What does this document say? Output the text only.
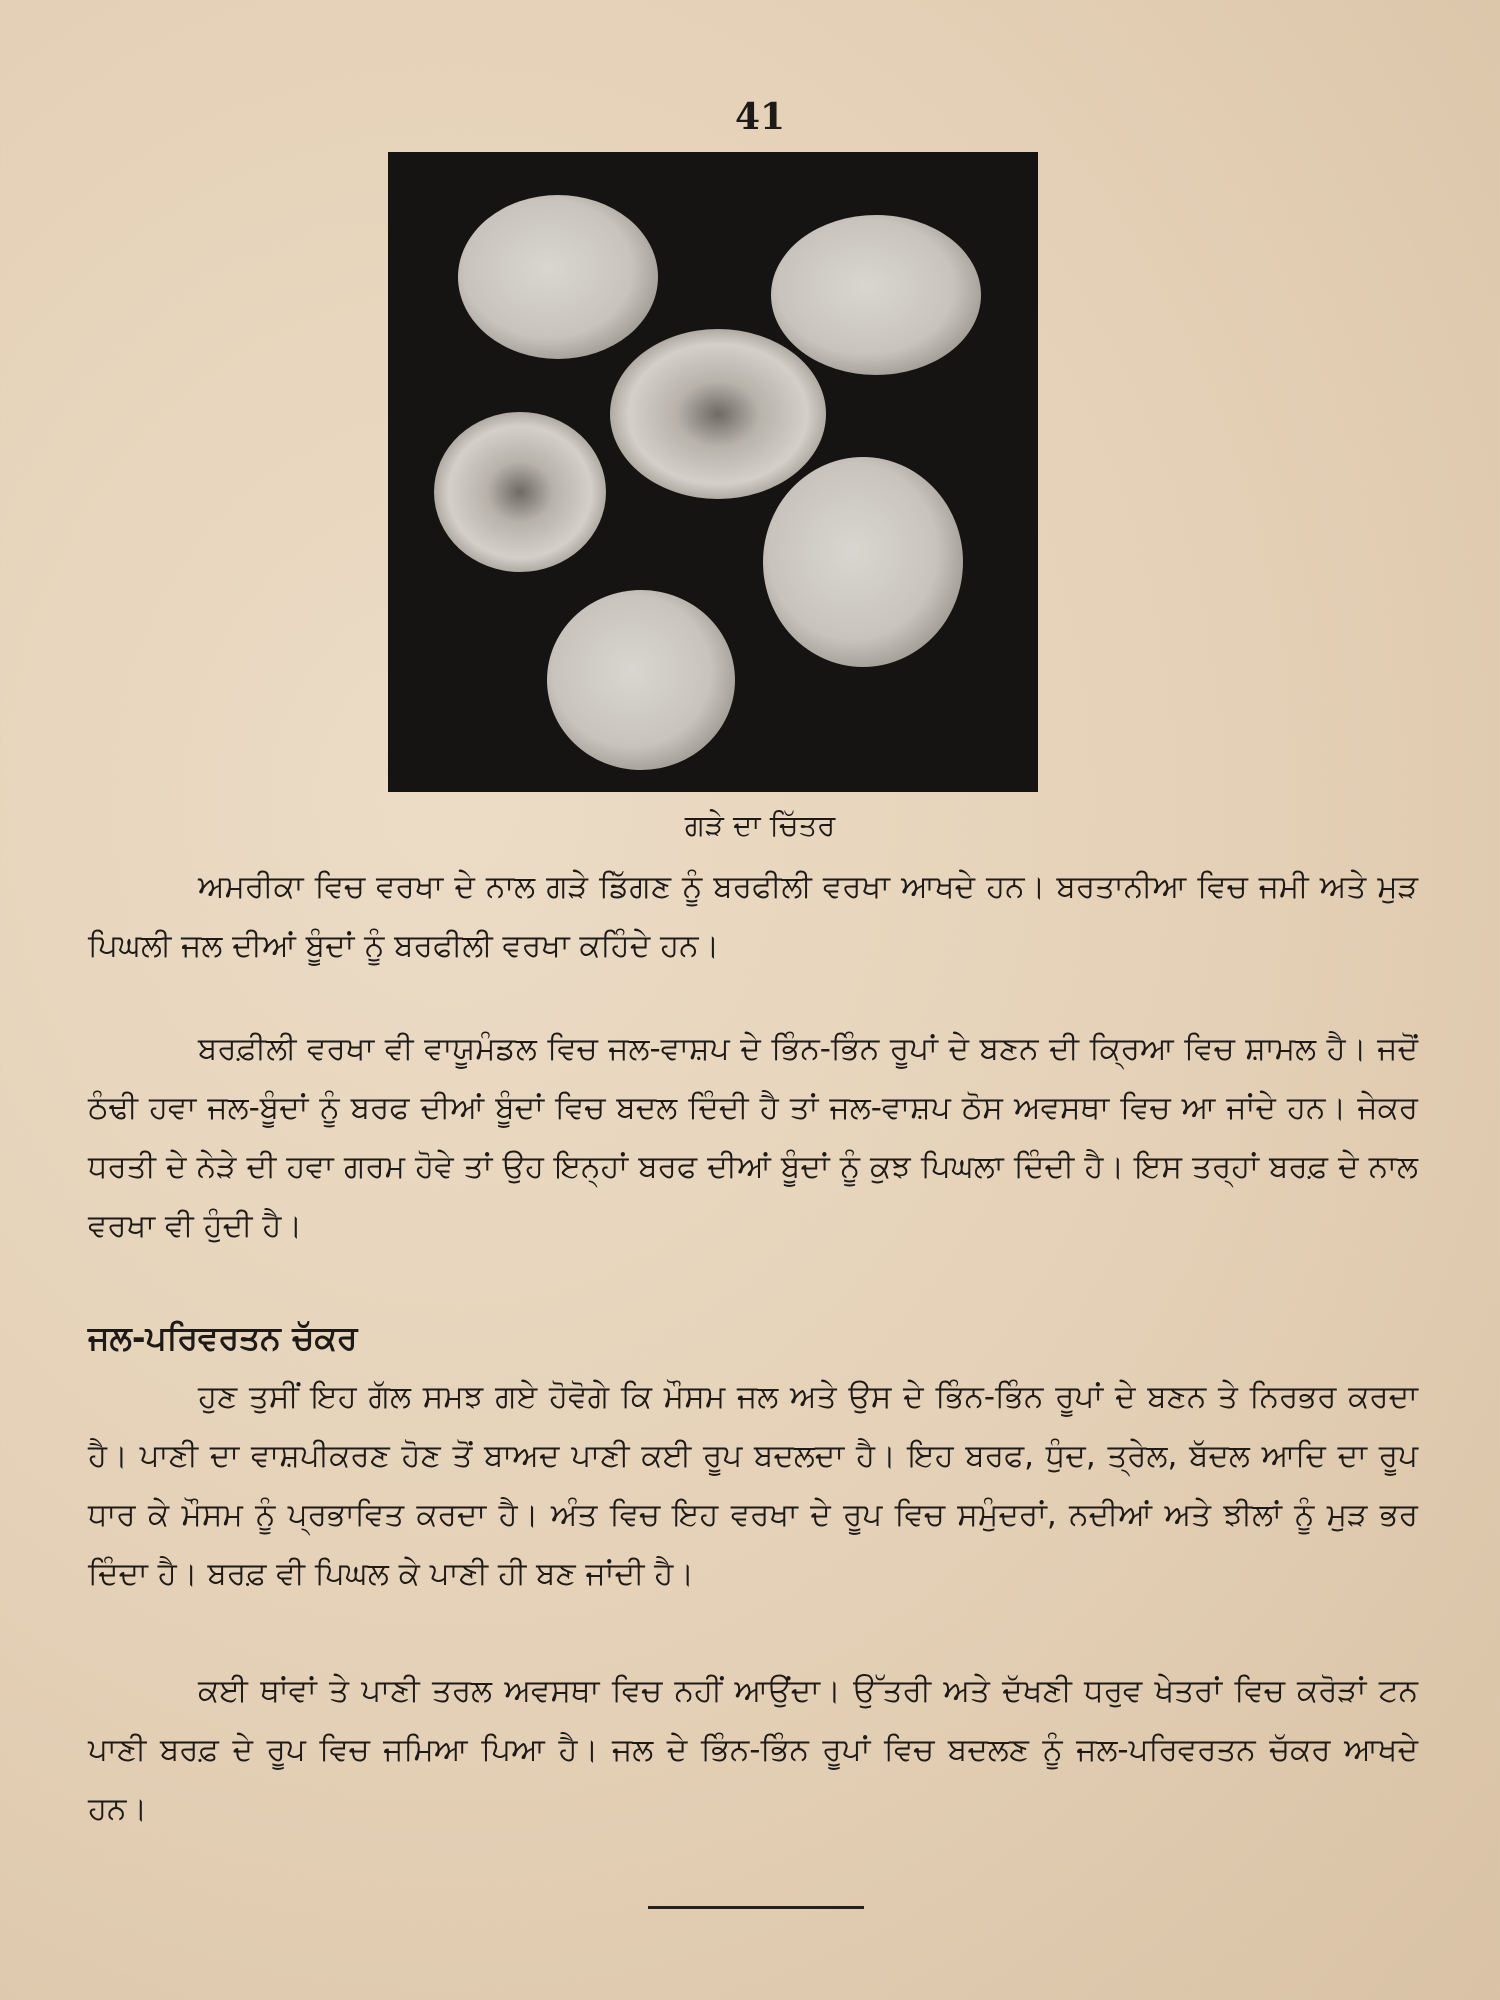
41
ਗੜੇ ਦਾ ਚਿੱਤਰ

ਅਮਰੀਕਾ ਵਿਚ ਵਰਖਾ ਦੇ ਨਾਲ ਗੜੇ ਡਿੱਗਣ ਨੂੰ ਬਰਫੀਲੀ ਵਰਖਾ ਆਖਦੇ ਹਨ। ਬਰਤਾਨੀਆ ਵਿਚ ਜਮੀ ਅਤੇ ਮੁੜ ਪਿਘਲੀ ਜਲ ਦੀਆਂ ਬੂੰਦਾਂ ਨੂੰ ਬਰਫੀਲੀ ਵਰਖਾ ਕਹਿੰਦੇ ਹਨ।

ਬਰਫ਼ੀਲੀ ਵਰਖਾ ਵੀ ਵਾਯੂਮੰਡਲ ਵਿਚ ਜਲ-ਵਾਸ਼ਪ ਦੇ ਭਿੰਨ-ਭਿੰਨ ਰੂਪਾਂ ਦੇ ਬਣਨ ਦੀ ਕ੍ਰਿਆ ਵਿਚ ਸ਼ਾਮਲ ਹੈ। ਜਦੋਂ ਠੰਢੀ ਹਵਾ ਜਲ-ਬੂੰਦਾਂ ਨੂੰ ਬਰਫ ਦੀਆਂ ਬੂੰਦਾਂ ਵਿਚ ਬਦਲ ਦਿੰਦੀ ਹੈ ਤਾਂ ਜਲ-ਵਾਸ਼ਪ ਠੋਸ ਅਵਸਥਾ ਵਿਚ ਆ ਜਾਂਦੇ ਹਨ। ਜੇਕਰ ਧਰਤੀ ਦੇ ਨੇੜੇ ਦੀ ਹਵਾ ਗਰਮ ਹੋਵੇ ਤਾਂ ਉਹ ਇਨ੍ਹਾਂ ਬਰਫ ਦੀਆਂ ਬੂੰਦਾਂ ਨੂੰ ਕੁਝ ਪਿਘਲਾ ਦਿੰਦੀ ਹੈ। ਇਸ ਤਰ੍ਹਾਂ ਬਰਫ਼ ਦੇ ਨਾਲ ਵਰਖਾ ਵੀ ਹੁੰਦੀ ਹੈ।

ਜਲ-ਪਰਿਵਰਤਨ ਚੱਕਰ

ਹੁਣ ਤੁਸੀਂ ਇਹ ਗੱਲ ਸਮਝ ਗਏ ਹੋਵੋਗੇ ਕਿ ਮੌਸਮ ਜਲ ਅਤੇ ਉਸ ਦੇ ਭਿੰਨ-ਭਿੰਨ ਰੂਪਾਂ ਦੇ ਬਣਨ ਤੇ ਨਿਰਭਰ ਕਰਦਾ ਹੈ। ਪਾਣੀ ਦਾ ਵਾਸ਼ਪੀਕਰਣ ਹੋਣ ਤੋਂ ਬਾਅਦ ਪਾਣੀ ਕਈ ਰੂਪ ਬਦਲਦਾ ਹੈ। ਇਹ ਬਰਫ, ਧੁੰਦ, ਤ੍ਰੇਲ, ਬੱਦਲ ਆਦਿ ਦਾ ਰੂਪ ਧਾਰ ਕੇ ਮੌਸਮ ਨੂੰ ਪ੍ਰਭਾਵਿਤ ਕਰਦਾ ਹੈ। ਅੰਤ ਵਿਚ ਇਹ ਵਰਖਾ ਦੇ ਰੂਪ ਵਿਚ ਸਮੁੰਦਰਾਂ, ਨਦੀਆਂ ਅਤੇ ਝੀਲਾਂ ਨੂੰ ਮੁੜ ਭਰ ਦਿੰਦਾ ਹੈ। ਬਰਫ਼ ਵੀ ਪਿਘਲ ਕੇ ਪਾਣੀ ਹੀ ਬਣ ਜਾਂਦੀ ਹੈ।

ਕਈ ਥਾਂਵਾਂ ਤੇ ਪਾਣੀ ਤਰਲ ਅਵਸਥਾ ਵਿਚ ਨਹੀਂ ਆਉਂਦਾ। ਉੱਤਰੀ ਅਤੇ ਦੱਖਣੀ ਧਰੁਵ ਖੇਤਰਾਂ ਵਿਚ ਕਰੋੜਾਂ ਟਨ ਪਾਣੀ ਬਰਫ਼ ਦੇ ਰੂਪ ਵਿਚ ਜਮਿਆ ਪਿਆ ਹੈ। ਜਲ ਦੇ ਭਿੰਨ-ਭਿੰਨ ਰੂਪਾਂ ਵਿਚ ਬਦਲਣ ਨੂੰ ਜਲ-ਪਰਿਵਰਤਨ ਚੱਕਰ ਆਖਦੇ ਹਨ।
